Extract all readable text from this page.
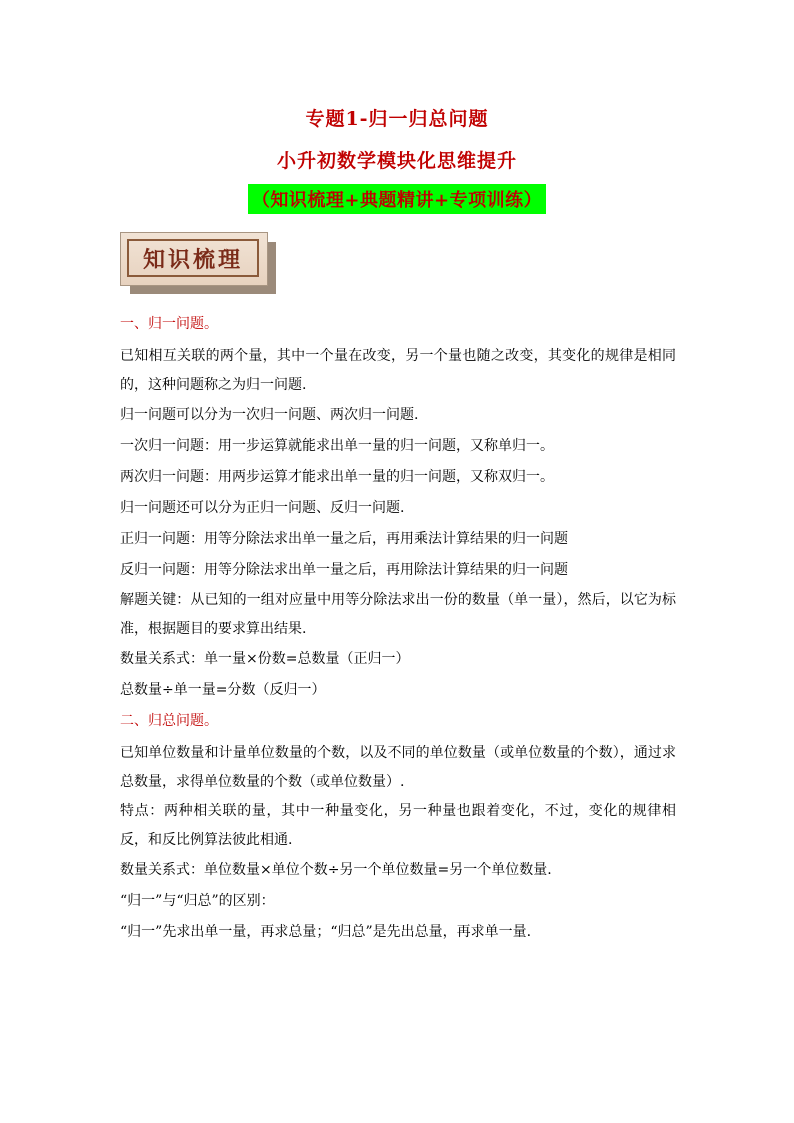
专题1-归一归总问题
小升初数学模块化思维提升
（知识梳理+典题精讲+专项训练）
知识梳理

一、归一问题。

已知相互关联的两个量，其中一个量在改变，另一个量也随之改变，其变化的规律是相同的，这种问题称之为归一问题.

归一问题可以分为一次归一问题、两次归一问题.

一次归一问题：用一步运算就能求出单一量的归一问题，又称单归一。

两次归一问题：用两步运算才能求出单一量的归一问题，又称双归一。

归一问题还可以分为正归一问题、反归一问题.

正归一问题：用等分除法求出单一量之后，再用乘法计算结果的归一问题

反归一问题：用等分除法求出单一量之后，再用除法计算结果的归一问题

解题关键：从已知的一组对应量中用等分除法求出一份的数量（单一量），然后，以它为标准，根据题目的要求算出结果.

数量关系式：单一量×份数=总数量（正归一）

总数量÷单一量=分数（反归一）

二、归总问题。

已知单位数量和计量单位数量的个数，以及不同的单位数量（或单位数量的个数），通过求总数量，求得单位数量的个数（或单位数量）.

特点：两种相关联的量，其中一种量变化，另一种量也跟着变化，不过，变化的规律相反，和反比例算法彼此相通.

数量关系式：单位数量×单位个数÷另一个单位数量=另一个单位数量.

“归一”与“归总”的区别：

“归一”先求出单一量，再求总量；“归总”是先出总量，再求单一量.
